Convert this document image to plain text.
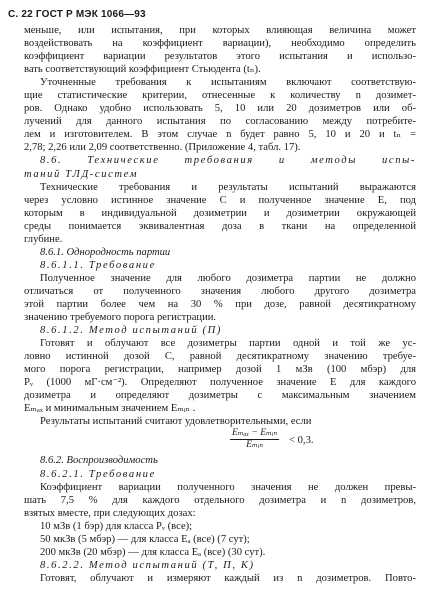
С. 22 ГОСТ Р МЭК 1066—93
меньше, или испытания, при которых влияющая величина может
воздействовать на коэффициент вариации), необходимо определить
коэффициент вариации результатов этого испытания и использо-
вать соответствующий коэффициент Стьюдента (tₙ).
Уточненные требования к испытаниям включают соответствую-
щие статистические критерии, отнесенные к количеству n дозимет-
ров. Однако удобно использовать 5, 10 или 20 дозиметров или об-
лучений для данного испытания по согласованию между потребите-
лем и изготовителем. В этом случае n будет равно 5, 10 и 20 и tₙ =
2,78; 2,26 или 2,09 соответственно. (Приложение 4, табл. 17).
8.6. Технические требования и методы испы-
таний ТЛД-систем
Технические требования и результаты испытаний выражаются
через условно истинное значение C и полученное значение E, под
которым в индивидуальной дозиметрии и дозиметрии окружающей
среды понимается эквивалентная доза в ткани на определенной
глубине.
8.6.1. Однородность партии
8.6.1.1. Требование
Полученное значение для любого дозиметра партии не должно
отличаться от полученного значения любого другого дозиметра
этой партии более чем на 30 % при дозе, равной десятикратному
значению требуемого порога регистрации.
8.6.1.2. Метод испытаний (П)
Готовят и облучают все дозиметры партии одной и той же ус-
ловно истинной дозой C, равной десятикратному значению требуе-
мого порога регистрации, например дозой 1 мЗв (100 мбэр) для
Pᵥ (1000 мГ·см⁻²). Определяют полученное значение E для каждого
дозиметра и определяют дозиметры с максимальным значением
Eₘₐₓ и минимальным значением Eₘᵢₙ .
Результаты испытаний считают удовлетворительными, если
Eₘₐₓ − Eₘᵢₙ
Eₘᵢₙ	< 0,3.
8.6.2. Воспроизводимость
8.6.2.1. Требование
Коэффициент вариации полученного значения не должен превы-
шать 7,5 % для каждого отдельного дозиметра и n дозиметров,
взятых вместе, при следующих дозах:
10 мЗв (1 бэр) для класса Pᵥ (все);
50 мкЗв (5 мбэр) — для класса Eₐ (все) (7 сут);
200 мкЗв (20 мбэр) — для класса Eₐ (все) (30 сут).
8.6.2.2. Метод испытаний (Т, П, К)
Готовят, облучают и измеряют каждый из n дозиметров. Повто-
